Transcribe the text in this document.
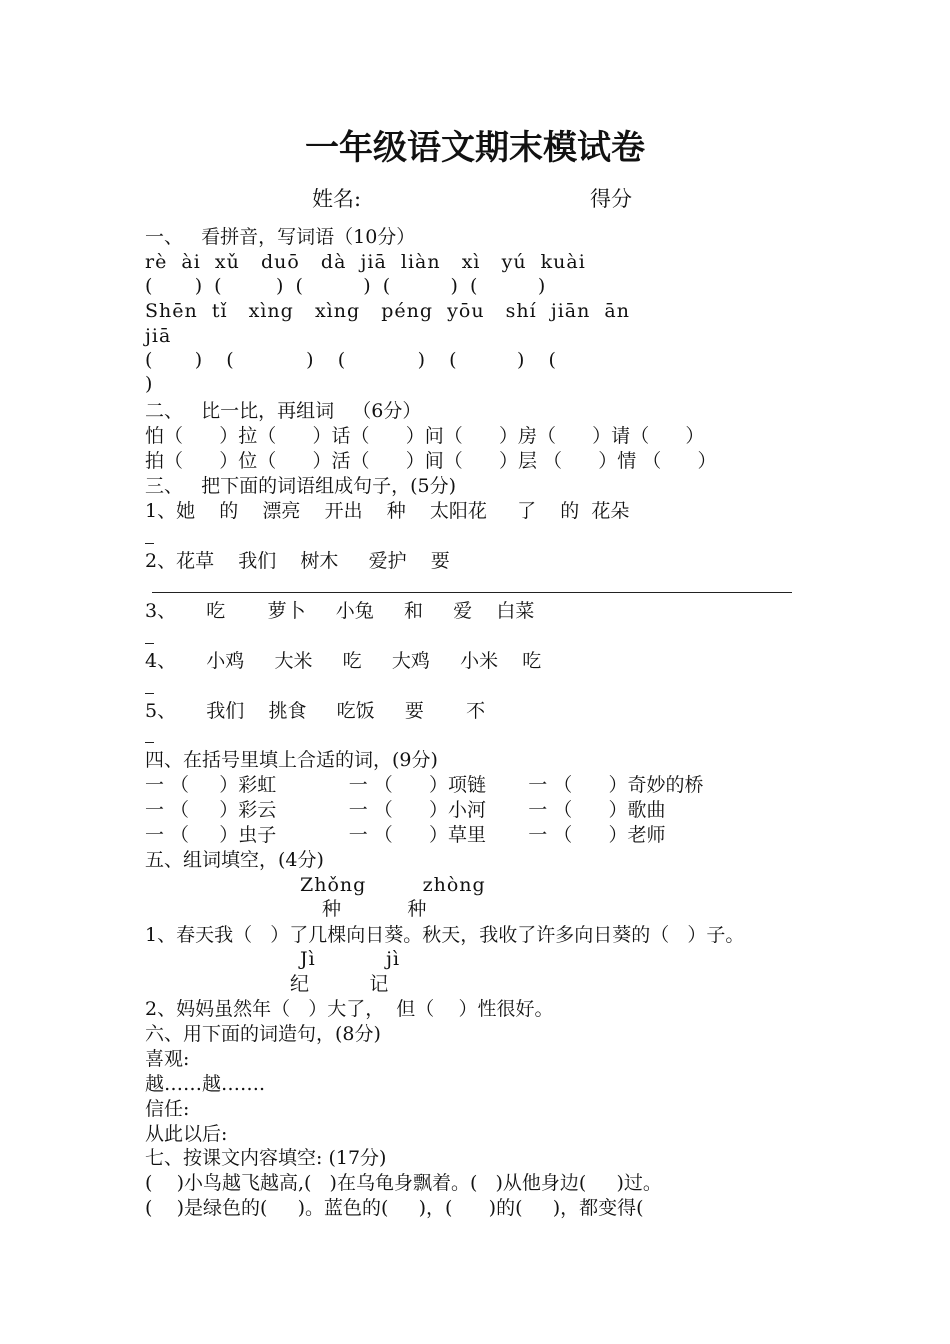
一年级语文期末模试卷
姓名:	得分
一、   看拼音，写词语（10分）
rè  ài  xǔ   duō   dà  jiā  liàn   xì   yú  kuài
(       )  (         )  (          )  (          )  (          )
Shēn  tǐ   xìng   xìng   péng  yōu   shí  jiān  ān
jiā
(       )    (            )    (            )    (          )    (
)
二、   比一比，再组词   （6分）
怕（      ）拉（      ）话（      ）问（      ）房（      ）请（      ）
拍（      ）位（      ）活（      ）间（      ）层 （      ）情 （      ）
三、   把下面的词语组成句子，(5分)
1、她    的    漂亮    开出    种    太阳花     了    的  花朵
2、花草    我们    树木     爱护    要
3、     吃       萝卜     小兔     和     爱    白菜
4、     小鸡     大米     吃     大鸡     小米    吃
5、     我们    挑食     吃饭     要       不
四、在括号里填上合适的词，(9分)
一 （     ）彩虹            一 （      ）项链       一 （      ）奇妙的桥
一 （     ）彩云            一 （      ）小河       一 （      ）歌曲
一 （     ）虫子            一 （      ）草里       一 （      ）老师
五、组词填空，(4分)
Zhǒng        zhòng
种           种
1、春天我（   ）了几棵向日葵。秋天，我收了许多向日葵的（   ）子。
Jì          jì
纪          记
2、妈妈虽然年（   ）大了，  但（    ）性很好。
六、用下面的词造句，(8分)
喜观:
越……越…….
信任:
从此以后:
七、按课文内容填空: (17分)
(    )小鸟越飞越高,(   )在乌龟身飘着。(   )从他身边(     )过。
(    )是绿色的(     )。蓝色的(     )，(      )的(     )，都变得(
